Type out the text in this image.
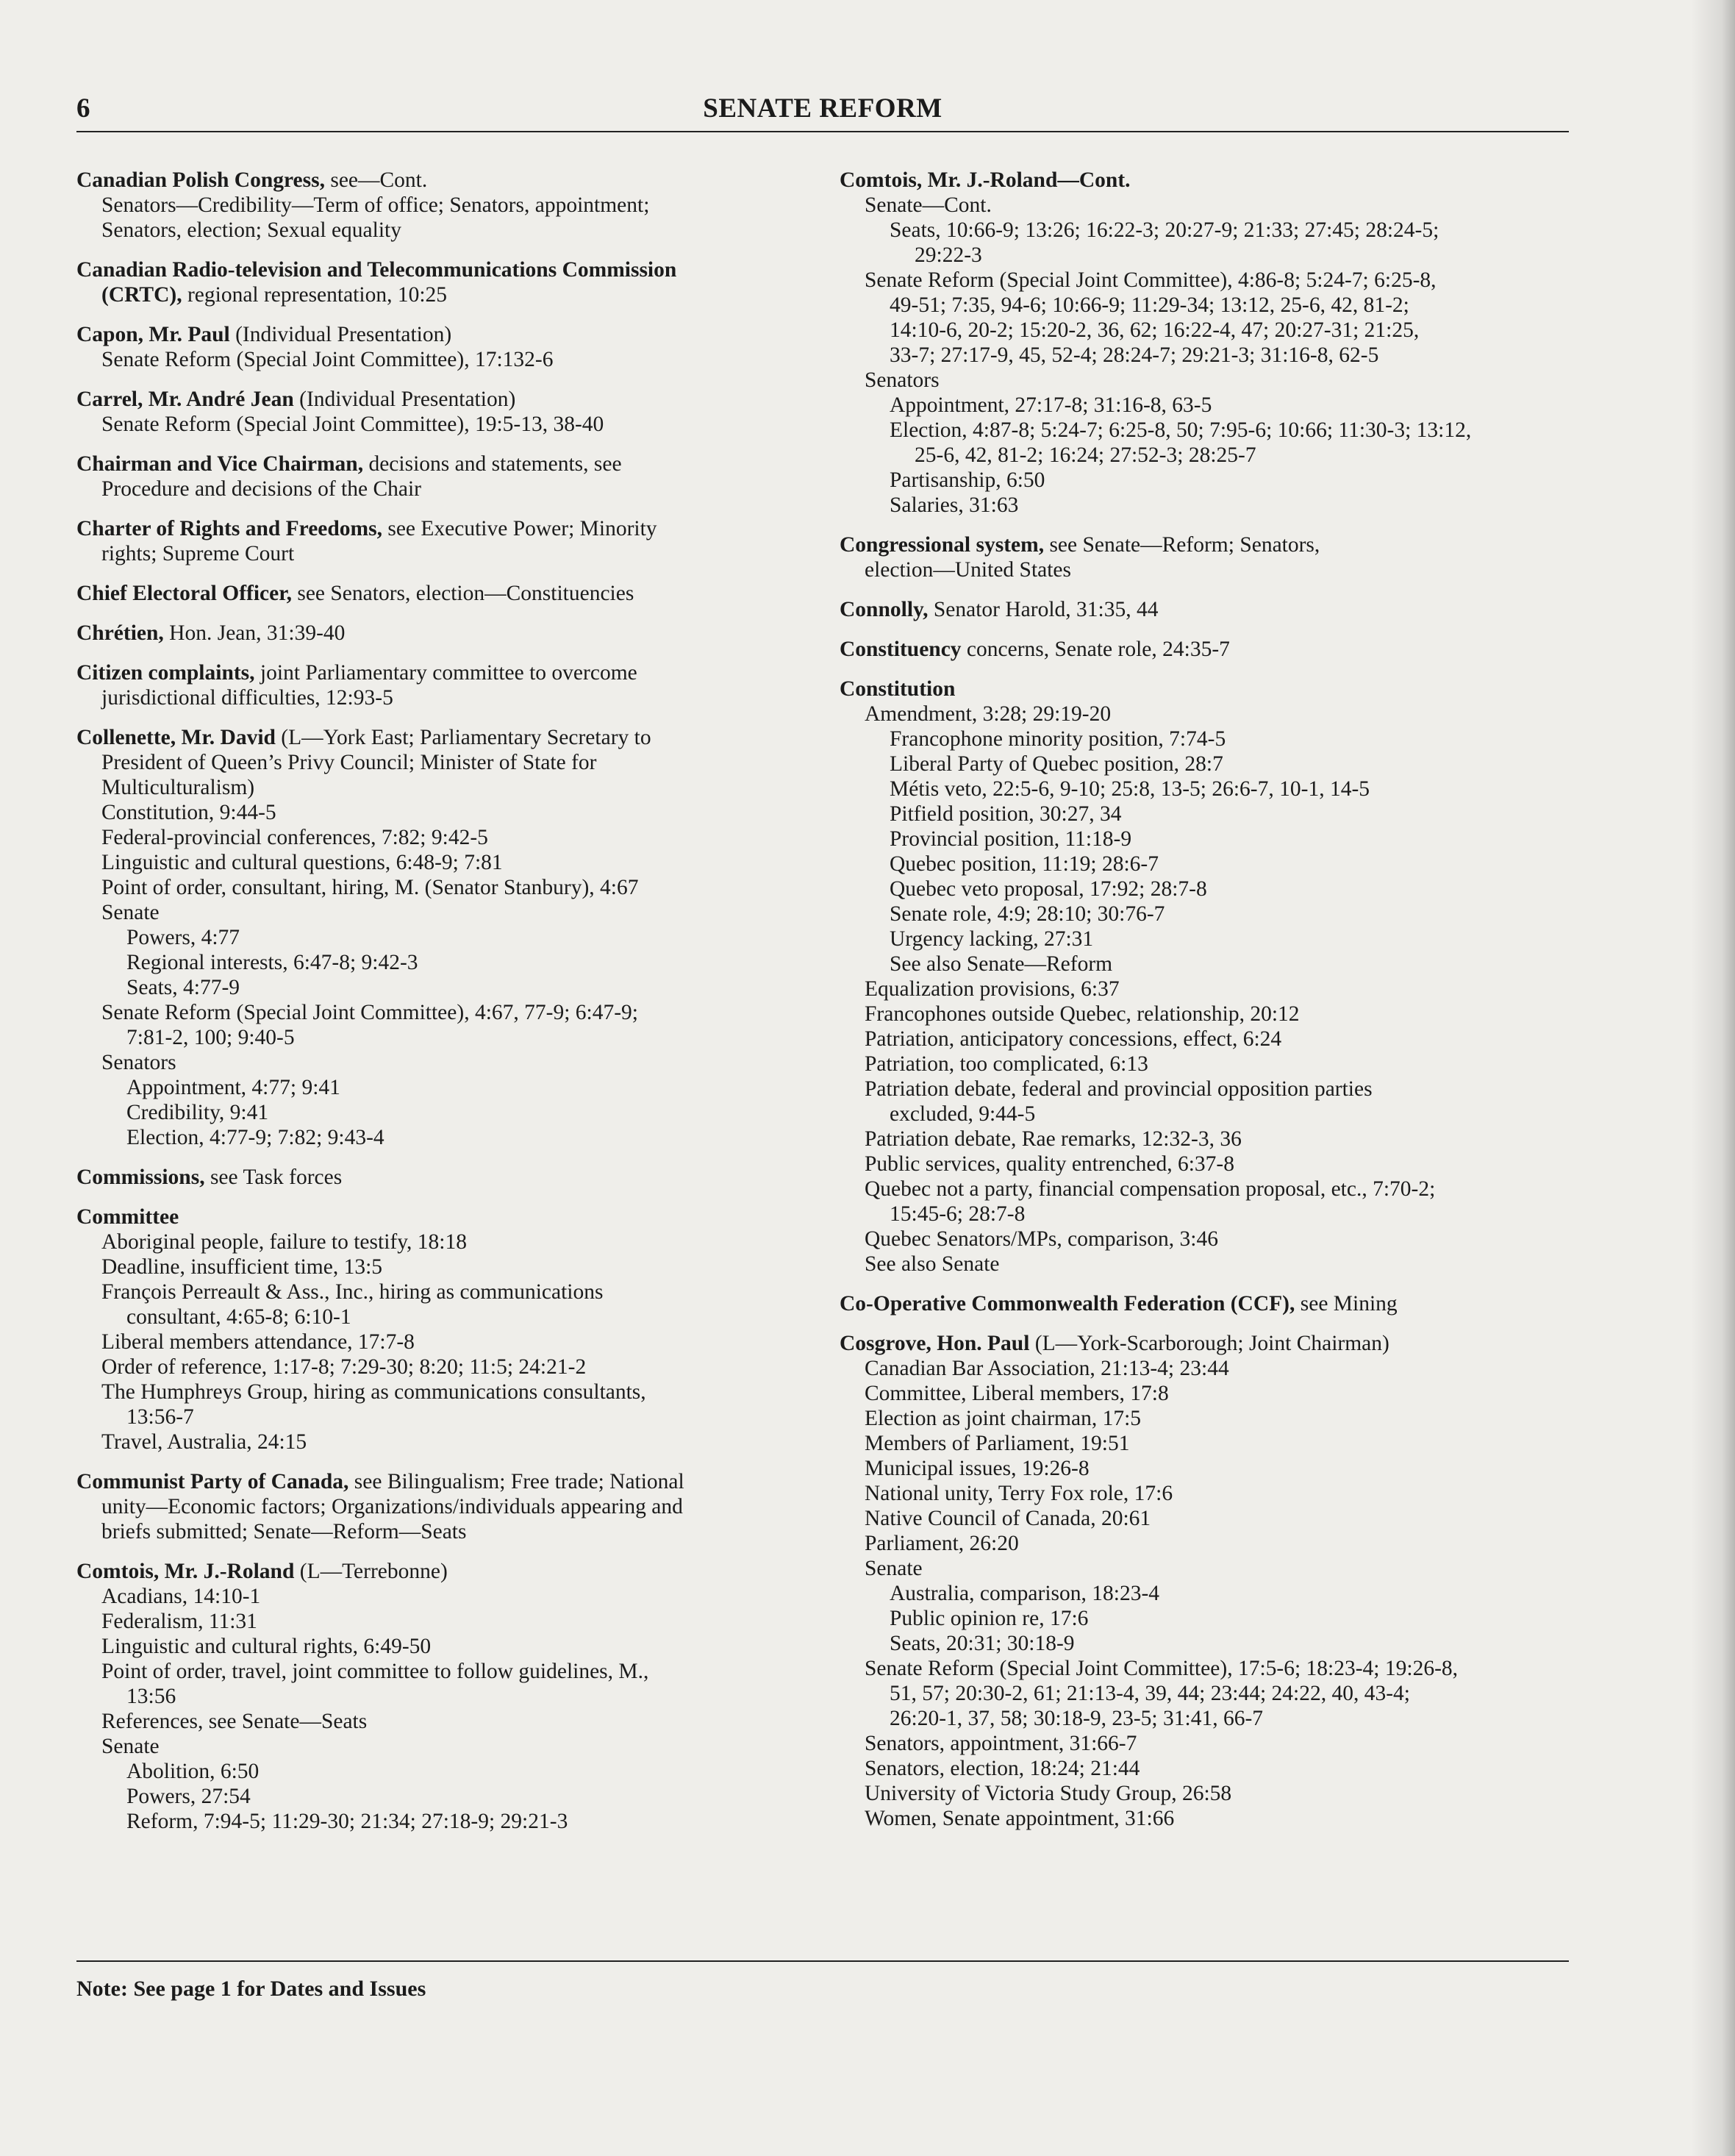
6	SENATE REFORM
Canadian Polish Congress, see—Cont.
Senators—Credibility—Term of office; Senators, appointment;
Senators, election; Sexual equality
Canadian Radio-television and Telecommunications Commission
(CRTC), regional representation, 10:25
Capon, Mr. Paul (Individual Presentation)
Senate Reform (Special Joint Committee), 17:132-6
Carrel, Mr. André Jean (Individual Presentation)
Senate Reform (Special Joint Committee), 19:5-13, 38-40
Chairman and Vice Chairman, decisions and statements, see
Procedure and decisions of the Chair
Charter of Rights and Freedoms, see Executive Power; Minority
rights; Supreme Court
Chief Electoral Officer, see Senators, election—Constituencies
Chrétien, Hon. Jean, 31:39-40
Citizen complaints, joint Parliamentary committee to overcome
jurisdictional difficulties, 12:93-5
Collenette, Mr. David (L—York East; Parliamentary Secretary to
President of Queen’s Privy Council; Minister of State for
Multiculturalism)
Constitution, 9:44-5
Federal-provincial conferences, 7:82; 9:42-5
Linguistic and cultural questions, 6:48-9; 7:81
Point of order, consultant, hiring, M. (Senator Stanbury), 4:67
Senate
Powers, 4:77
Regional interests, 6:47-8; 9:42-3
Seats, 4:77-9
Senate Reform (Special Joint Committee), 4:67, 77-9; 6:47-9;
7:81-2, 100; 9:40-5
Senators
Appointment, 4:77; 9:41
Credibility, 9:41
Election, 4:77-9; 7:82; 9:43-4
Commissions, see Task forces
Committee
Aboriginal people, failure to testify, 18:18
Deadline, insufficient time, 13:5
François Perreault & Ass., Inc., hiring as communications
consultant, 4:65-8; 6:10-1
Liberal members attendance, 17:7-8
Order of reference, 1:17-8; 7:29-30; 8:20; 11:5; 24:21-2
The Humphreys Group, hiring as communications consultants,
13:56-7
Travel, Australia, 24:15
Communist Party of Canada, see Bilingualism; Free trade; National
unity—Economic factors; Organizations/individuals appearing and
briefs submitted; Senate—Reform—Seats
Comtois, Mr. J.-Roland (L—Terrebonne)
Acadians, 14:10-1
Federalism, 11:31
Linguistic and cultural rights, 6:49-50
Point of order, travel, joint committee to follow guidelines, M.,
13:56
References, see Senate—Seats
Senate
Abolition, 6:50
Powers, 27:54
Reform, 7:94-5; 11:29-30; 21:34; 27:18-9; 29:21-3
Comtois, Mr. J.-Roland—Cont.
Senate—Cont.
Seats, 10:66-9; 13:26; 16:22-3; 20:27-9; 21:33; 27:45; 28:24-5;
29:22-3
Senate Reform (Special Joint Committee), 4:86-8; 5:24-7; 6:25-8,
49-51; 7:35, 94-6; 10:66-9; 11:29-34; 13:12, 25-6, 42, 81-2;
14:10-6, 20-2; 15:20-2, 36, 62; 16:22-4, 47; 20:27-31; 21:25,
33-7; 27:17-9, 45, 52-4; 28:24-7; 29:21-3; 31:16-8, 62-5
Senators
Appointment, 27:17-8; 31:16-8, 63-5
Election, 4:87-8; 5:24-7; 6:25-8, 50; 7:95-6; 10:66; 11:30-3; 13:12,
25-6, 42, 81-2; 16:24; 27:52-3; 28:25-7
Partisanship, 6:50
Salaries, 31:63
Congressional system, see Senate—Reform; Senators,
election—United States
Connolly, Senator Harold, 31:35, 44
Constituency concerns, Senate role, 24:35-7
Constitution
Amendment, 3:28; 29:19-20
Francophone minority position, 7:74-5
Liberal Party of Quebec position, 28:7
Métis veto, 22:5-6, 9-10; 25:8, 13-5; 26:6-7, 10-1, 14-5
Pitfield position, 30:27, 34
Provincial position, 11:18-9
Quebec position, 11:19; 28:6-7
Quebec veto proposal, 17:92; 28:7-8
Senate role, 4:9; 28:10; 30:76-7
Urgency lacking, 27:31
See also Senate—Reform
Equalization provisions, 6:37
Francophones outside Quebec, relationship, 20:12
Patriation, anticipatory concessions, effect, 6:24
Patriation, too complicated, 6:13
Patriation debate, federal and provincial opposition parties
excluded, 9:44-5
Patriation debate, Rae remarks, 12:32-3, 36
Public services, quality entrenched, 6:37-8
Quebec not a party, financial compensation proposal, etc., 7:70-2;
15:45-6; 28:7-8
Quebec Senators/MPs, comparison, 3:46
See also Senate
Co-Operative Commonwealth Federation (CCF), see Mining
Cosgrove, Hon. Paul (L—York-Scarborough; Joint Chairman)
Canadian Bar Association, 21:13-4; 23:44
Committee, Liberal members, 17:8
Election as joint chairman, 17:5
Members of Parliament, 19:51
Municipal issues, 19:26-8
National unity, Terry Fox role, 17:6
Native Council of Canada, 20:61
Parliament, 26:20
Senate
Australia, comparison, 18:23-4
Public opinion re, 17:6
Seats, 20:31; 30:18-9
Senate Reform (Special Joint Committee), 17:5-6; 18:23-4; 19:26-8,
51, 57; 20:30-2, 61; 21:13-4, 39, 44; 23:44; 24:22, 40, 43-4;
26:20-1, 37, 58; 30:18-9, 23-5; 31:41, 66-7
Senators, appointment, 31:66-7
Senators, election, 18:24; 21:44
University of Victoria Study Group, 26:58
Women, Senate appointment, 31:66
Note: See page 1 for Dates and Issues
